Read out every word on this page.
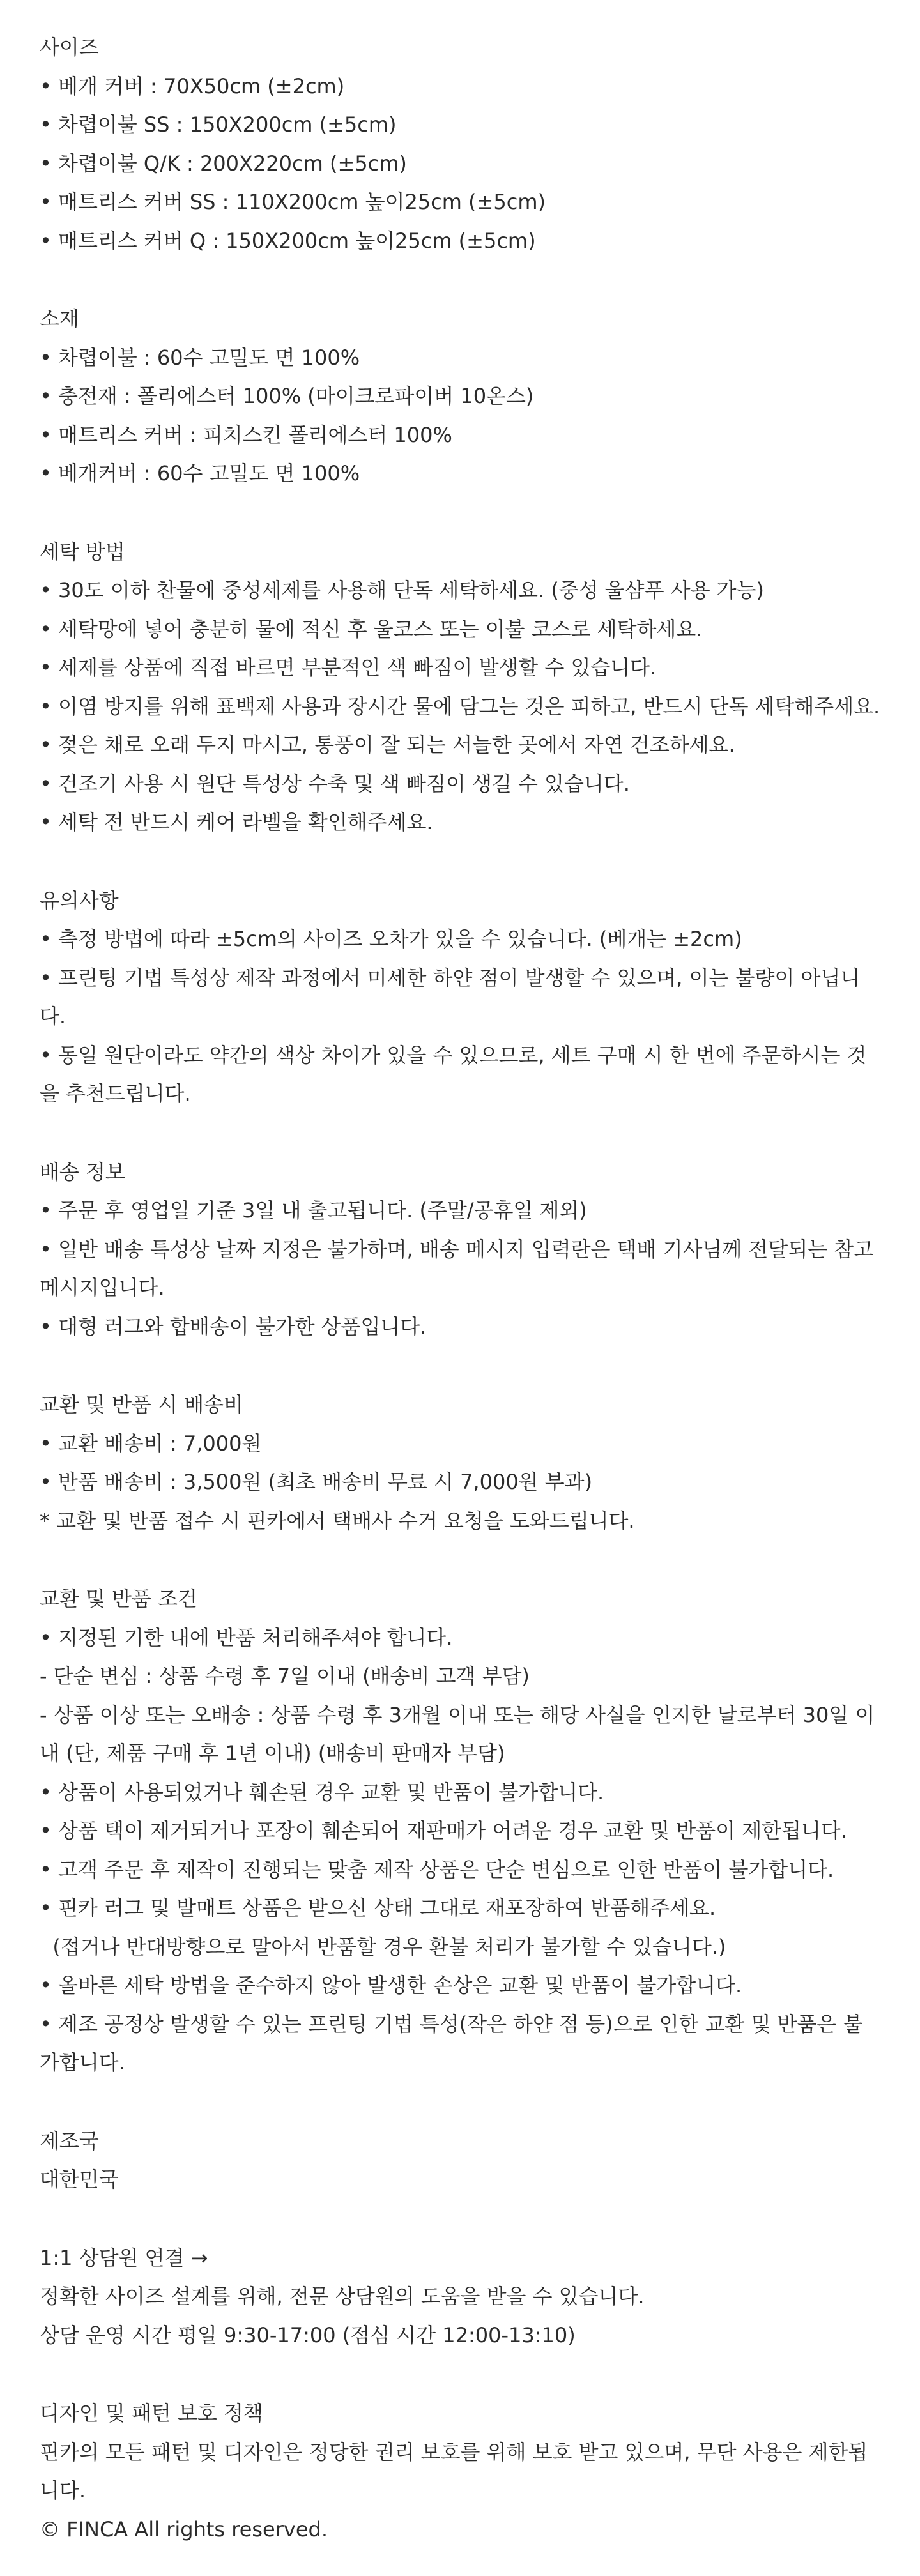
사이즈

• 베개 커버 : 70X50cm (±2cm)

• 차렵이불 SS : 150X200cm (±5cm)

• 차렵이불 Q/K : 200X220cm (±5cm)

• 매트리스 커버 SS : 110X200cm 높이25cm (±5cm)

• 매트리스 커버 Q : 150X200cm 높이25cm (±5cm)

소재

• 차렵이불 : 60수 고밀도 면 100%

• 충전재 : 폴리에스터 100% (마이크로파이버 10온스)

• 매트리스 커버 : 피치스킨 폴리에스터 100%

• 베개커버 : 60수 고밀도 면 100%

세탁 방법

• 30도 이하 찬물에 중성세제를 사용해 단독 세탁하세요. (중성 울샴푸 사용 가능)

• 세탁망에 넣어 충분히 물에 적신 후 울코스 또는 이불 코스로 세탁하세요.

• 세제를 상품에 직접 바르면 부분적인 색 빠짐이 발생할 수 있습니다.

• 이염 방지를 위해 표백제 사용과 장시간 물에 담그는 것은 피하고, 반드시 단독 세탁해주세요.

• 젖은 채로 오래 두지 마시고, 통풍이 잘 되는 서늘한 곳에서 자연 건조하세요.

• 건조기 사용 시 원단 특성상 수축 및 색 빠짐이 생길 수 있습니다.

• 세탁 전 반드시 케어 라벨을 확인해주세요.

유의사항

• 측정 방법에 따라 ±5cm의 사이즈 오차가 있을 수 있습니다. (베개는 ±2cm)

• 프린팅 기법 특성상 제작 과정에서 미세한 하얀 점이 발생할 수 있으며, 이는 불량이 아닙니다.

• 동일 원단이라도 약간의 색상 차이가 있을 수 있으므로, 세트 구매 시 한 번에 주문하시는 것을 추천드립니다.

배송 정보

• 주문 후 영업일 기준 3일 내 출고됩니다. (주말/공휴일 제외)

• 일반 배송 특성상 날짜 지정은 불가하며, 배송 메시지 입력란은 택배 기사님께 전달되는 참고 메시지입니다.

• 대형 러그와 합배송이 불가한 상품입니다.

교환 및 반품 시 배송비

• 교환 배송비 : 7,000원

• 반품 배송비 : 3,500원 (최초 배송비 무료 시 7,000원 부과)

* 교환 및 반품 접수 시 핀카에서 택배사 수거 요청을 도와드립니다.

교환 및 반품 조건

• 지정된 기한 내에 반품 처리해주셔야 합니다.

- 단순 변심 : 상품 수령 후 7일 이내 (배송비 고객 부담)

- 상품 이상 또는 오배송 : 상품 수령 후 3개월 이내 또는 해당 사실을 인지한 날로부터 30일 이내 (단, 제품 구매 후 1년 이내) (배송비 판매자 부담)

• 상품이 사용되었거나 훼손된 경우 교환 및 반품이 불가합니다.

• 상품 택이 제거되거나 포장이 훼손되어 재판매가 어려운 경우 교환 및 반품이 제한됩니다.

• 고객 주문 후 제작이 진행되는 맞춤 제작 상품은 단순 변심으로 인한 반품이 불가합니다.

• 핀카 러그 및 발매트 상품은 받으신 상태 그대로 재포장하여 반품해주세요.

(접거나 반대방향으로 말아서 반품할 경우 환불 처리가 불가할 수 있습니다.)

• 올바른 세탁 방법을 준수하지 않아 발생한 손상은 교환 및 반품이 불가합니다.

• 제조 공정상 발생할 수 있는 프린팅 기법 특성(작은 하얀 점 등)으로 인한 교환 및 반품은 불가합니다.

제조국

대한민국

1:1 상담원 연결 →

정확한 사이즈 설계를 위해, 전문 상담원의 도움을 받을 수 있습니다.

상담 운영 시간 평일 9:30-17:00 (점심 시간 12:00-13:10)

디자인 및 패턴 보호 정책

핀카의 모든 패턴 및 디자인은 정당한 권리 보호를 위해 보호 받고 있으며, 무단 사용은 제한됩니다.

© FINCA All rights reserved.
